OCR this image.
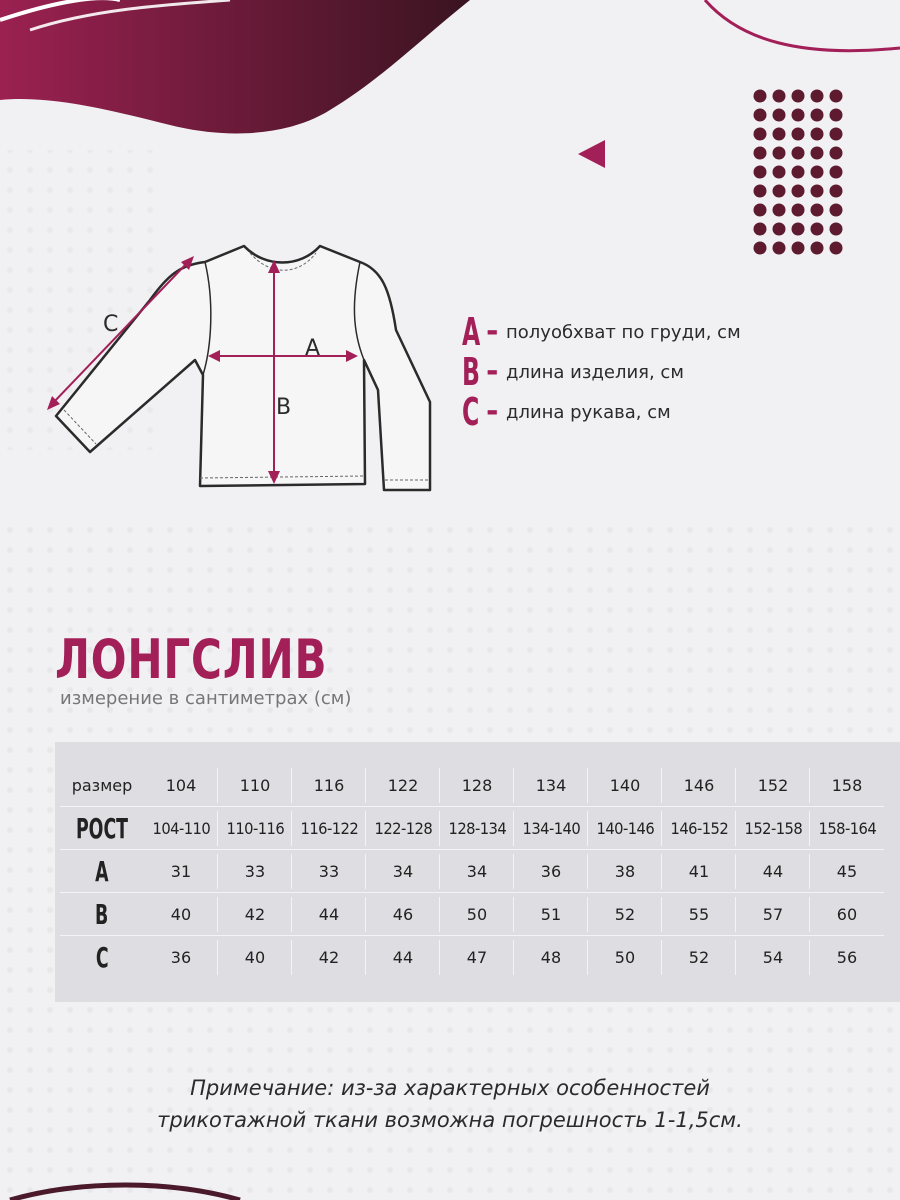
A
B
C	A - полуобхват по груди, см
B - длина изделия, см
C - длина рукава, см
ЛОНГСЛИВ
измерение в сантиметрах (см)
размер	104	110	116	122	128	134	140	146	152	158
РОСТ	104-110	110-116	116-122	122-128	128-134	134-140	140-146	146-152	152-158	158-164
A	31	33	33	34	34	36	38	41	44	45
B	40	42	44	46	50	51	52	55	57	60
C	36	40	42	44	47	48	50	52	54	56
Примечание: из-за характерных особенностей
трикотажной ткани возможна погрешность 1-1,5см.
